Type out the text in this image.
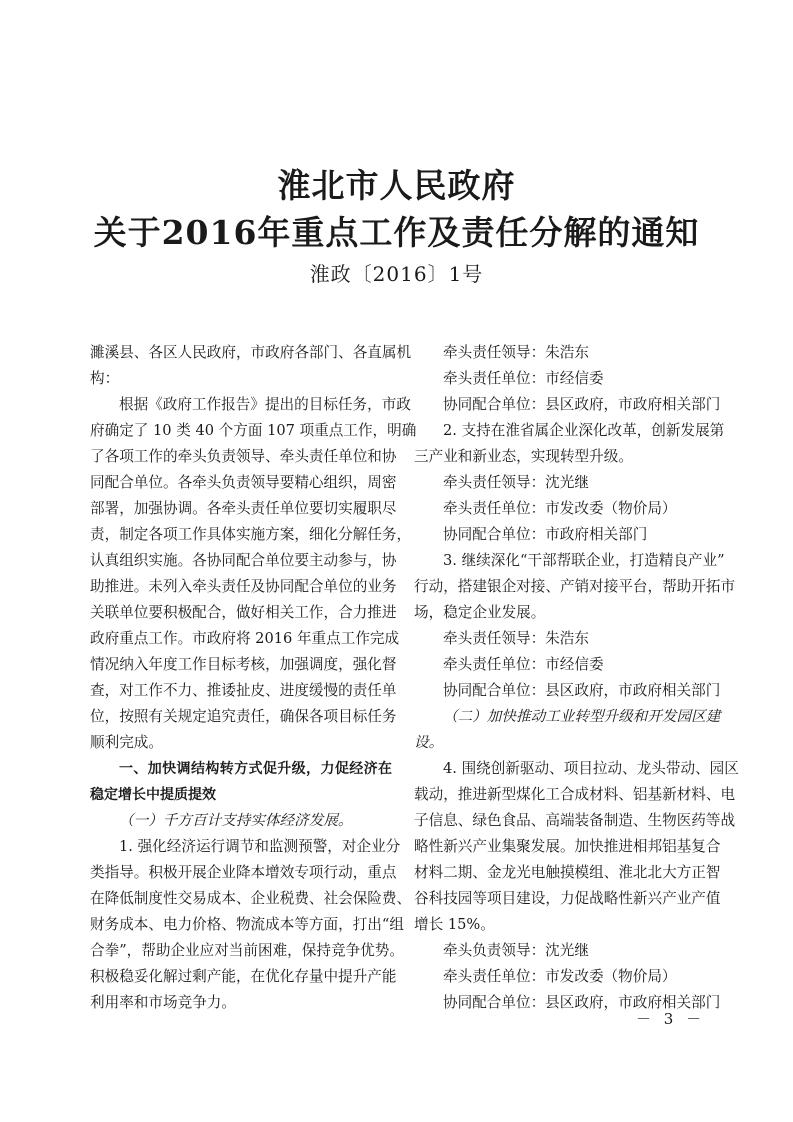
淮北市人民政府
关于2016年重点工作及责任分解的通知
淮政〔2016〕1号
濉溪县、各区人民政府，市政府各部门、各直属机
构：
根据《政府工作报告》提出的目标任务，市政
府确定了 10 类 40 个方面 107 项重点工作，明确
了各项工作的牵头负责领导、牵头责任单位和协
同配合单位。各牵头负责领导要精心组织，周密
部署，加强协调。各牵头责任单位要切实履职尽
责，制定各项工作具体实施方案，细化分解任务，
认真组织实施。各协同配合单位要主动参与，协
助推进。未列入牵头责任及协同配合单位的业务
关联单位要积极配合，做好相关工作，合力推进
政府重点工作。市政府将 2016 年重点工作完成
情况纳入年度工作目标考核，加强调度，强化督
查，对工作不力、推诿扯皮、进度缓慢的责任单
位，按照有关规定追究责任，确保各项目标任务
顺利完成。
一、加快调结构转方式促升级，力促经济在
稳定增长中提质提效
（一）千方百计支持实体经济发展。
1. 强化经济运行调节和监测预警，对企业分
类指导。积极开展企业降本增效专项行动，重点
在降低制度性交易成本、企业税费、社会保险费、
财务成本、电力价格、物流成本等方面，打出“组
合拳”，帮助企业应对当前困难，保持竞争优势。
积极稳妥化解过剩产能，在优化存量中提升产能
利用率和市场竞争力。
牵头责任领导：朱浩东
牵头责任单位：市经信委
协同配合单位：县区政府，市政府相关部门
2. 支持在淮省属企业深化改革，创新发展第
三产业和新业态，实现转型升级。
牵头责任领导：沈光继
牵头责任单位：市发改委（物价局）
协同配合单位：市政府相关部门
3. 继续深化“干部帮联企业，打造精良产业”
行动，搭建银企对接、产销对接平台，帮助开拓市
场，稳定企业发展。
牵头责任领导：朱浩东
牵头责任单位：市经信委
协同配合单位：县区政府，市政府相关部门
（二）加快推动工业转型升级和开发园区建
设。
4. 围绕创新驱动、项目拉动、龙头带动、园区
载动，推进新型煤化工合成材料、铝基新材料、电
子信息、绿色食品、高端装备制造、生物医药等战
略性新兴产业集聚发展。加快推进相邦铝基复合
材料二期、金龙光电触摸模组、淮北北大方正智
谷科技园等项目建设，力促战略性新兴产业产值
增长 15%。
牵头负责领导：沈光继
牵头责任单位：市发改委（物价局）
协同配合单位：县区政府，市政府相关部门
－ 3 －
